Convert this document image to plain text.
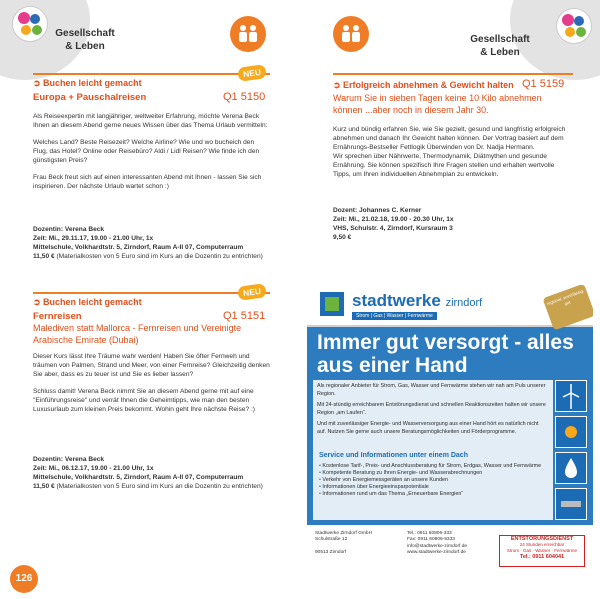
Gesellschaft
& Leben
NEU
➲ Buchen leicht gemacht
Europa + Pauschalreisen	Q1 5150

Als Reiseexpertin mit langjähriger, weltweiter Erfahrung, möchte Verena Beck Ihnen an diesem Abend gerne neues Wissen über das Thema Urlaub vermitteln:

Welches Land? Beste Reisezeit? Welche Airline? Wie und wo bucheich den Flug, das Hotel? Online oder Reisebüro? Aldi / Lidl Reisen? Wie finde ich den günstigsten Preis?

Frau Beck freut sich auf einen interessanten Abend mit Ihnen - lassen Sie sich inspirieren. Der nächste Urlaub wartet schon :)

Dozentin: Verena Beck
Zeit: Mi., 29.11.17, 19.00 - 21.00 Uhr, 1x
Mittelschule, Volkhardtstr. 5, Zirndorf, Raum A-II 07, Computerraum
11,50 € (Materialkosten von 5 Euro sind im Kurs an die Dozentin zu entrichten)
NEU
➲ Buchen leicht gemacht
Fernreisen	Q1 5151
Malediven statt Mallorca - Fernreisen und Vereinigte Arabische Emirate (Dubai)

Dieser Kurs lässt Ihre Träume wahr werden! Haben Sie öfter Fernweh und träumen von Palmen, Strand und Meer, von einer Fernreise? Gleichzeitig denken Sie aber, dass es zu teuer ist und Sie es lieber lassen?

Schluss damit! Verena Beck nimmt Sie an diesem Abend gerne mit auf eine "Einführungsreise" und verrät Ihnen die Geheimtipps, wie man den besten Luxusurlaub zum kleinen Preis bekommt. Wohin geht Ihre nächste Reise? :)

Dozentin: Verena Beck
Zeit: Mi., 06.12.17, 19.00 - 21.00 Uhr, 1x
Mittelschule, Volkhardtstr. 5, Zirndorf, Raum A-II 07, Computerraum
11,50 € (Materialkosten von 5 Euro sind im Kurs an die Dozentin zu entrichten)
126
Gesellschaft
& Leben
➲ Erfolgreich abnehmen & Gewicht halten Q1 5159
Warum Sie in sieben Tagen keine 10 Kilo abnehmen können ...aber noch in diesem Jahr 30.

Kurz und bündig erfahren Sie, wie Sie gezielt, gesund und langfristig erfolgreich abnehmen und danach Ihr Gewicht halten können. Der Vortrag basiert auf dem Ernährungs-Bestseller Fettlogik Überwinden von Dr. Nadja Hermann.

Wir sprechen über Nährwerte, Thermodynamik, Diätmythen und gesunde Ernährung. Sie können spezifisch Ihre Fragen stellen und erhalten wertvolle Tipps, um Ihren individuellen Abnehmplan zu entwickeln.

Dozent: Johannes C. Kerner
Zeit: Mi., 21.02.18, 19.00 - 20.30 Uhr, 1x
VHS, Schulstr. 4, Zirndorf, Kursraum 3
9,50 €
stadtwerke zirndorf
Strom | Gas | Wasser | Fernwärme
regional, zuverlässig, gut
Immer gut versorgt - alles aus einer Hand

Als regionaler Anbieter für Strom, Gas, Wasser und Fernwärme stehen wir nah am Puls unserer Region.

Mit 24-stündig erreichbarem Entstörungsdienst und schnellen Reaktionszeiten halten wir unsere Region „am Laufen“.

Und mit zuverlässiger Energie- und Wasserversorgung aus einer Hand hört es natürlich nicht auf. Nutzen Sie gerne auch unsere Beratungsmöglichkeiten und Förderprogramme.

Service und Informationen unter einem Dach
• Kostenlose Tarif-, Preis- und Anschlussberatung für Strom, Erdgas, Wasser und Fernwärme
• Kompetente Beratung zu Ihren Energie- und Wasserabrechnungen
• Verkehr von Energiemessgeräten an unsere Kunden
• Informationen über Energieeinsparpotentiale
• Informationen rund um das Thema „Erneuerbare Energien“
Stadtwerke Zirndorf GmbH
Schulstraße 12
90513 Zirndorf
Tel.: 0911 60806-333
Fax: 0911 60806-9333
info@stadtwerke-zirndorf.de
www.stadtwerke-zirndorf.de
ENTSTÖRUNGSDIENST
24 Stunden erreichbar
Strom · Gas · Wasser · Fernwärme
Tel.: 0911 604041
